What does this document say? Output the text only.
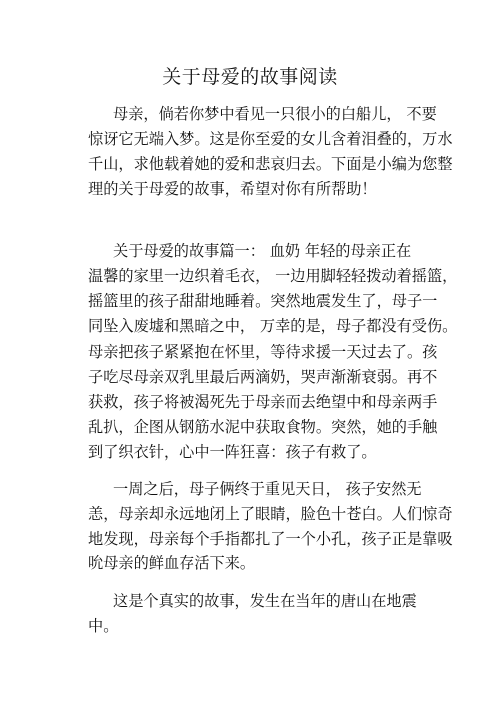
关于母爱的故事阅读
母亲，倘若你梦中看见一只很小的白船儿， 不要
惊讶它无端入梦。这是你至爱的女儿含着泪叠的，万水
千山，求他载着她的爱和悲哀归去。下面是小编为您整
理的关于母爱的故事，希望对你有所帮助！
关于母爱的故事篇一： 血奶 年轻的母亲正在
温馨的家里一边织着毛衣， 一边用脚轻轻拨动着摇篮，
摇篮里的孩子甜甜地睡着。突然地震发生了，母子一
同坠入废墟和黑暗之中， 万幸的是，母子都没有受伤。
母亲把孩子紧紧抱在怀里，等待求援一天过去了。孩
子吃尽母亲双乳里最后两滴奶，哭声渐渐衰弱。再不
获救，孩子将被渴死先于母亲而去绝望中和母亲两手
乱扒，企图从钢筋水泥中获取食物。突然，她的手触
到了织衣针，心中一阵狂喜：孩子有救了。
一周之后，母子俩终于重见天日， 孩子安然无
恙，母亲却永远地闭上了眼睛，脸色十苍白。人们惊奇
地发现，母亲每个手指都扎了一个小孔，孩子正是靠吸
吮母亲的鲜血存活下来。
这是个真实的故事，发生在当年的唐山在地震
中。
